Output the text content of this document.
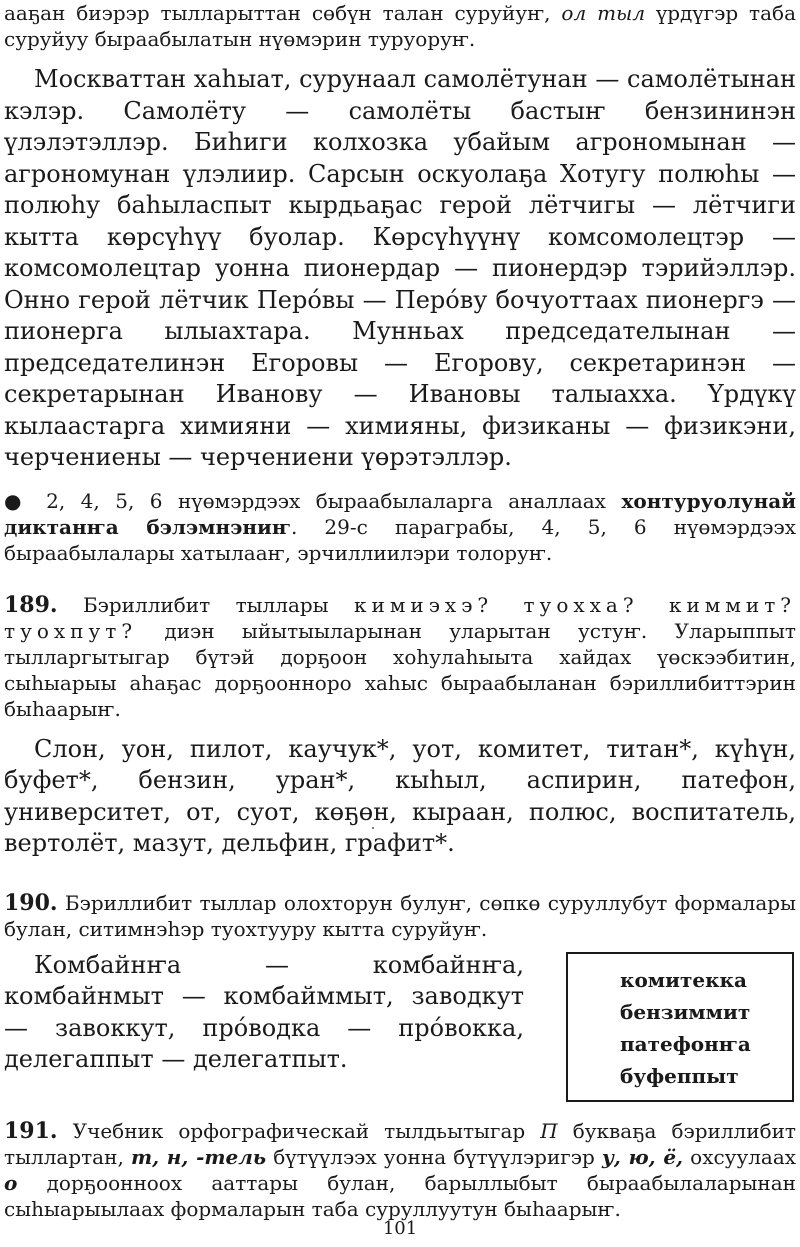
ааҕан биэрэр тылларыттан сөбүн талан суруйуҥ, ол тыл үрдүгэр таба суруйуу быраабылатын нүөмэрин туруоруҥ.

Москваттан хаһыат, сурунаал самолётунан — самолётынан кэлэр. Самолёту — самолёты бастыҥ бензининэн үлэлэтэллэр. Биһиги колхозка убайым агрономынан — агрономунан үлэлиир. Сарсын оскуолаҕа Хотугу полюһы — полюһу баһыласпыт кырдьаҕас герой лётчигы — лётчиги кытта көрсүһүү буолар. Көрсүһүүнү комсомолецтэр — комсомолецтар уонна пионердар — пионердэр тэрийэллэр. Онно герой лётчик Перо́вы — Перо́ву бочуоттаах пионергэ — пионерга ылыахтара. Мунньах председателынан — председателинэн Егоровы — Егорову, секретаринэн — секретарынан Иванову — Ивановы талыахха. Үрдүкү кылаастарга химияни — химияны, физиканы — физикэни, черчениены — черчениени үөрэтэллэр.

● 2, 4, 5, 6 нүөмэрдээх быраабылаларга аналлаах хонтуруолунай диктанҥа бэлэмнэниҥ. 29-с параграбы, 4, 5, 6 нүөмэрдээх быраабылалары хатылааҥ, эрчиллиилэри толоруҥ.

189. Бэриллибит тыллары кимиэхэ? туохха? киммит? туохпут? диэн ыйытыыларынан уларытан устуҥ. Уларыппыт тылларгытыгар бүтэй дорҕоон хоһулаһыыта хайдах үөскээбитин, сыһыарыы аһаҕас дорҕоонноро хаһыс быраабыланан бэриллибиттэрин быһаарыҥ.

Слон, уон, пилот, каучук*, уот, комитет, титан*, күһүн, буфет*, бензин, уран*, кыһыл, аспирин, патефон, университет, от, суот, көҕөн, кыраан, полюс, воспитатель, вертолёт, мазут, дельфин, графит*.

190. Бэриллибит тыллар олохторун булуҥ, сөпкө суруллубут формалары булан, ситимнэһэр туохтууру кытта суруйуҥ.

Комбайнҥа — комбайнҥа, комбайнмыт — комбайммыт, заводкут — завоккут, про́водка — про́вокка, делегаппыт — делегатпыт.

комитекка
бензиммит
патефонҥа
буфеппыт

191. Учебник орфографическай тылдьытыгар П букваҕа бэриллибит тыллартан, т, н, -тель бүтүүлээх уонна бүтүүлэригэр у, ю, ё, охсуулаах о дорҕооннооx ааттары булан, барыллыбыт быраабылаларынан сыһыарыылаах формаларын таба суруллуутун быһаарыҥ.

101
